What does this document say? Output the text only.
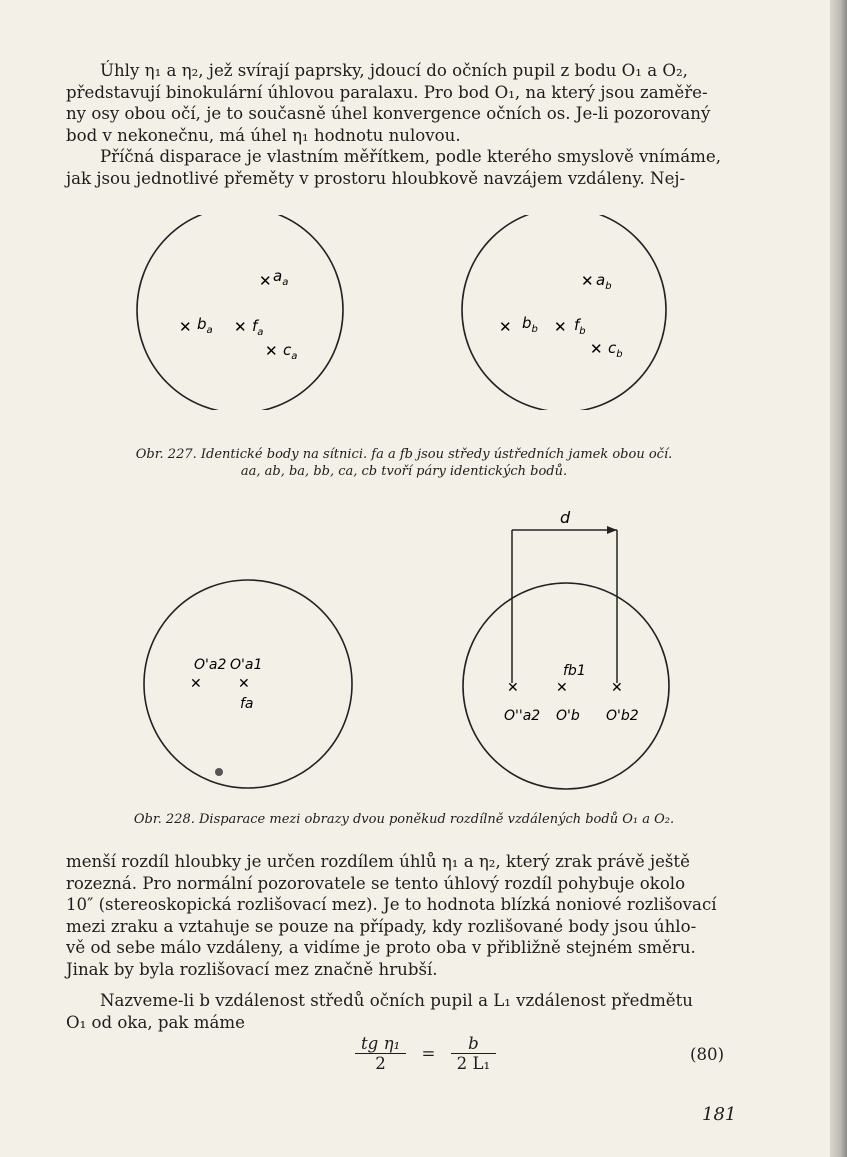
Úhly η₁ a η₂, jež svírají paprsky, jdoucí do očních pupil z bodu O₁ a O₂,
představují binokulární úhlovou paralaxu. Pro bod O₁, na který jsou zaměře-
ny osy obou očí, je to současně úhel konvergence očních os. Je-li pozorovaný
bod v nekonečnu, má úhel η₁ hodnotu nulovou.

Příčná disparace je vlastním měřítkem, podle kterého smyslově vnímáme,
jak jsou jednotlivé přeměty v prostoru hloubkově navzájem vzdáleny. Nej-

✕ $a_a$
✕ $b_a$ ✕ $f_a$
✕ $c_a$
✕ $a_b$
✕ $b_b$ ✕ $f_b$
✕ $c_b$
Obr. 227. Identické body na sítnici. fa a fb jsou středy ústředních jamek obou očí.
aa, ab, ba, bb, ca, cb tvoří páry identických bodů.
O'a2
✕
O'a1
✕
fa
d
fb1
✕	✕	✕
O''a2 O'b O'b2
Obr. 228. Disparace mezi obrazy dvou poněkud rozdílně vzdálených bodů O₁ a O₂.

menší rozdíl hloubky je určen rozdílem úhlů η₁ a η₂, který zrak právě ještě
rozezná. Pro normální pozorovatele se tento úhlový rozdíl pohybuje okolo
10″ (stereoskopická rozlišovací mez). Je to hodnota blízká noniové rozlišovací
mezi zraku a vztahuje se pouze na případy, kdy rozlišované body jsou úhlo-
vě od sebe málo vzdáleny, a vidíme je proto oba v přibližně stejném směru.
Jinak by byla rozlišovací mez značně hrubší.

Nazveme-li b vzdálenost středů očních pupil a L₁ vzdálenost předmětu
O₁ od oka, pak máme

$\frac{\text{tg η₁}}{2} = \frac{b}{\text{2 L₁}}$	(80)
181
